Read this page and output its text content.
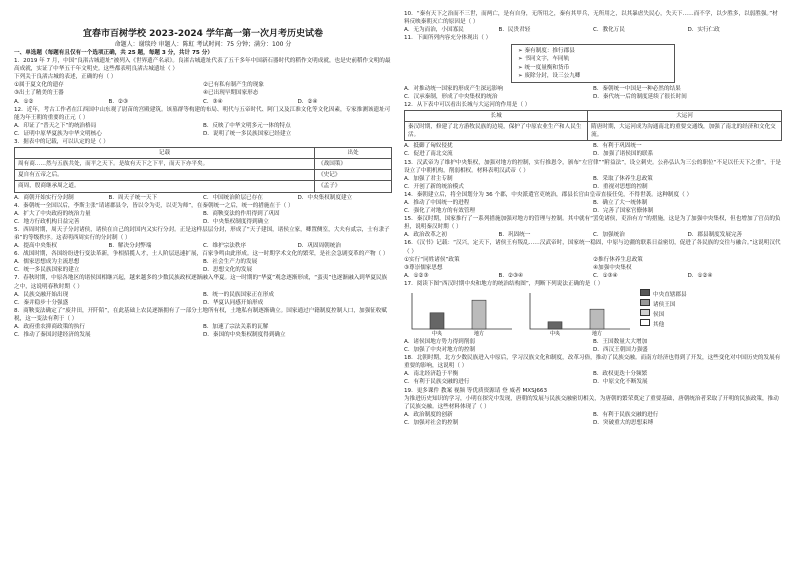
宜春市百树学校 2023-2024 学年高一第一次月考历史试卷
命题人：谢琰玲 审题人：陈虹 考试时间：75 分钟；满分：100 分
一、单选题（每题有且仅有一个选项正确，共 25 题，每题 3 分，共计 75 分）
1．2019 年 7 月，中国“良渚古城遗址”被列入《世界遗产名录》。良渚古城遗址代表了五千多年中国新石器时代的稻作文明成就，也是史前稻作文明的最高成就，实证了中华五千年文明史。这些都表明良渚古城遗址（ ）
下列关于良渚古城的表述，正确的有（ ）
①属于夏文化的遗存	②已有私有制产生的现象
③出土了精美的王器	④已出现早期国家形态
A．①②	B．②③	C．③④	D．②④
12．近年，考古工作者在江西国中山东观了尉苗的宫殿建筑。该墓群等构建的布局、明代与五帝时代、阿门又及江准文化等文化因素，专家推测该遗址可能为年王朝的重要的正元（ ）
A．印证了“普天之下”的统治格局	B．反映了中华文明多元一体的特点
C．证明中原华夏族为中华文明核心	D．说明了统一多民族国家已经建立
3．据表中的记载，可以认定的是（ ）
记载	出处
周有商……然与五族共处，而平之天下。是故有天下之下平，而天下亦平矣。	《战国策》
夏自有五帝之后。	《史记》
商周，殷商继承周之道。	《孟子》
A．商朝开始实行分封制	B．周天子统一天下	C．中国统治阶层已存在	D．中央集权制度建立
4．秦朝统一全国以后，李斯主张“请诸郡县令，皆以令为吏，以吏为师”，在秦朝统一之后，统一的措施在于（ ）
A．扩大了中央政府的统治力量	B．商鞅变法的作用得到了巩固
C．地方行政机构日益完善	D．中央集权制度得到确立
5．西周时期，周天子分封诸侯，诸侯在自己的封国内又实行分封。正是这样层层分封，形成了“天子建国，诸侯立家，卿置侧室，大夫有贰宗，士有隶子弟”的等级秩序。这表明西周实行的分封制（ ）
A．提高中央集权	B．解决分封弊端	C．维护宗法秩序	D．巩固周朝统治
6．战国时期，各国纷纷进行变法革新，争相招揽人才，士人阶层迅速扩展，百家争鸣由此形成。这一时期学术文化的繁荣，是社会急剧变革的产物（ ）
A．儒家思想成为主流思想	B．社会生产力的发展
C．统一多民族国家的建立	D．思想文化的发展
7．春秋时期，中原各地区的诸侯国相继兴起，越来越多的少数民族政权逐渐融入华夏。这一时期的“华夏”观念逐渐形成，“蛮夷”也逐渐融入到华夏民族之中，这说明春秋时期（ ）
A．民族交融开始出现	B．统一的民族国家正在形成
C．秦并稳步十分强盛	D．华夏认同感开始形成
8．商鞅变法确定了“废井田，开阡陌”，在此基础上农民逐渐拥有了一部分土地所有权，土地私有制逐渐确立。国家通过户籍制度控制人口，加强征收赋税，这一变法有利于（ ）
A．政府重农抑商政策的执行	B．加速了宗法关系的瓦解
C．推动了秦国封建经济的发展	D．秦国的中央集权制度得到确立
10．“秦有天下之治而不三世，而两亡，是有自身，无所用之，秦有其甲兵，无所用之，以其暴虐失民心，失天下……而不学，以少胜多，以弱胜强。”材料反映秦朝灭亡的原因是（ ）
A．无为而治，小国寡民	B．民贵君轻	C．教化万民	D．实行仁政
11．下面所列内容充分体现出（ ）
➢ 秦有制度：推行郡县
➢ 书同文字，车同轨
➢ 统一度量衡和货币
➢ 废除分封，设三公九卿
A．对推动统一国家的形成产生深远影响	B．秦朝统一中国是一种必然的结果
C．汉承秦制，形成了中央集权的统治	D．秦代统一后的制度延续了很长时间
12．从下表中可以看出长城与大运河的作用是（ ）
长城	大运河
秦汉时期，修建了北方游牧民族的边境，保护了中原农业生产和人民生活。	隋唐时期，大运河成为沟通南北的重要交通线，加强了南北的经济和文化交流。
A．抵御了匈奴侵扰	B．有利于巩固统一
C．促进了南北交流	D．加强了诸侯国的联系
13．汉武帝为了维护中央集权，加强对地方的控制，实行推恩令，颁布“左官律”“附益法”，设立刺史。公孙弘认为三公的职位“不足以任天下之重”，于是设立了中朝机构，削弱相权。材料表明汉武帝（ ）
A．加强了君主专制	B．采取了休养生息政策
C．开创了新的统治模式	D．重视对思想的控制
14．秦朝建立后，将全国划分为 36 个郡，中央派遣官吏统治，郡县长官由皇帝直接任免，不得世袭。这种制度（ ）
A．推动了中国统一的进程	B．确立了大一统体制
C．强化了对地方的有效管理	D．完善了国家官僚体制
15．秦汉时期，国家推行了一系列措施加强对地方的管理与控制。其中就有“罢免诸侯，吏治有方”的措施，这是为了加强中央集权，但也增加了官员的负担，说明秦汉时期（ ）
A．政治改革之初	B．巩固统一	C．加强统治	D．郡县制度发展完善
16．《汉书》记载：“汉兴，定天下，诸侯王有叛乱……汉武帝时，国家统一稳固，中原与边疆的联系日益密切，促进了各民族的交往与融合。”这说明汉代（ ）
①实行“同姓诸侯”政策	②推行休养生息政策
③尊崇儒家思想	④加强中央集权
A．①②③	B．②③④	C．①③④	D．①②④
17．阅读下图“西汉时期中央和地方的统治结构图”，判断下列说法正确的是（ ）
中央	地方	中央	地方
中央直辖郡县
诸侯王国
侯国
其他
A．诸侯国地方势力得到削弱	B．王国数量大大增加
C．加强了中央对地方的控制	D．西汉王朝国力强盛
18．北朝时期，北方少数民族进入中原后，学习汉族文化和制度，改革习俗，推动了民族交融。而南方经济也得到了开发，这些变化对中国历史的发展有重要的影响，这说明（ ）
A．南北经济趋于平衡	B．政权更迭十分频繁
C．有利于民族交融的进行	D．中原文化不断发展
19．更多课件 教案 视频 等优质资源请 登 威者 MXSJ663
为推进历史知识的学习，小明在探究中发现，唐朝的发展与民族交融密切相关，为唐朝的繁荣奠定了重要基础，唐朝统治者采取了开明的民族政策，推动了民族交融。这些材料体现了（ ）
A．政治制度的创新	B．有利于民族交融的进行
C．加强对社会的控制	D．突破重大的思想束缚
